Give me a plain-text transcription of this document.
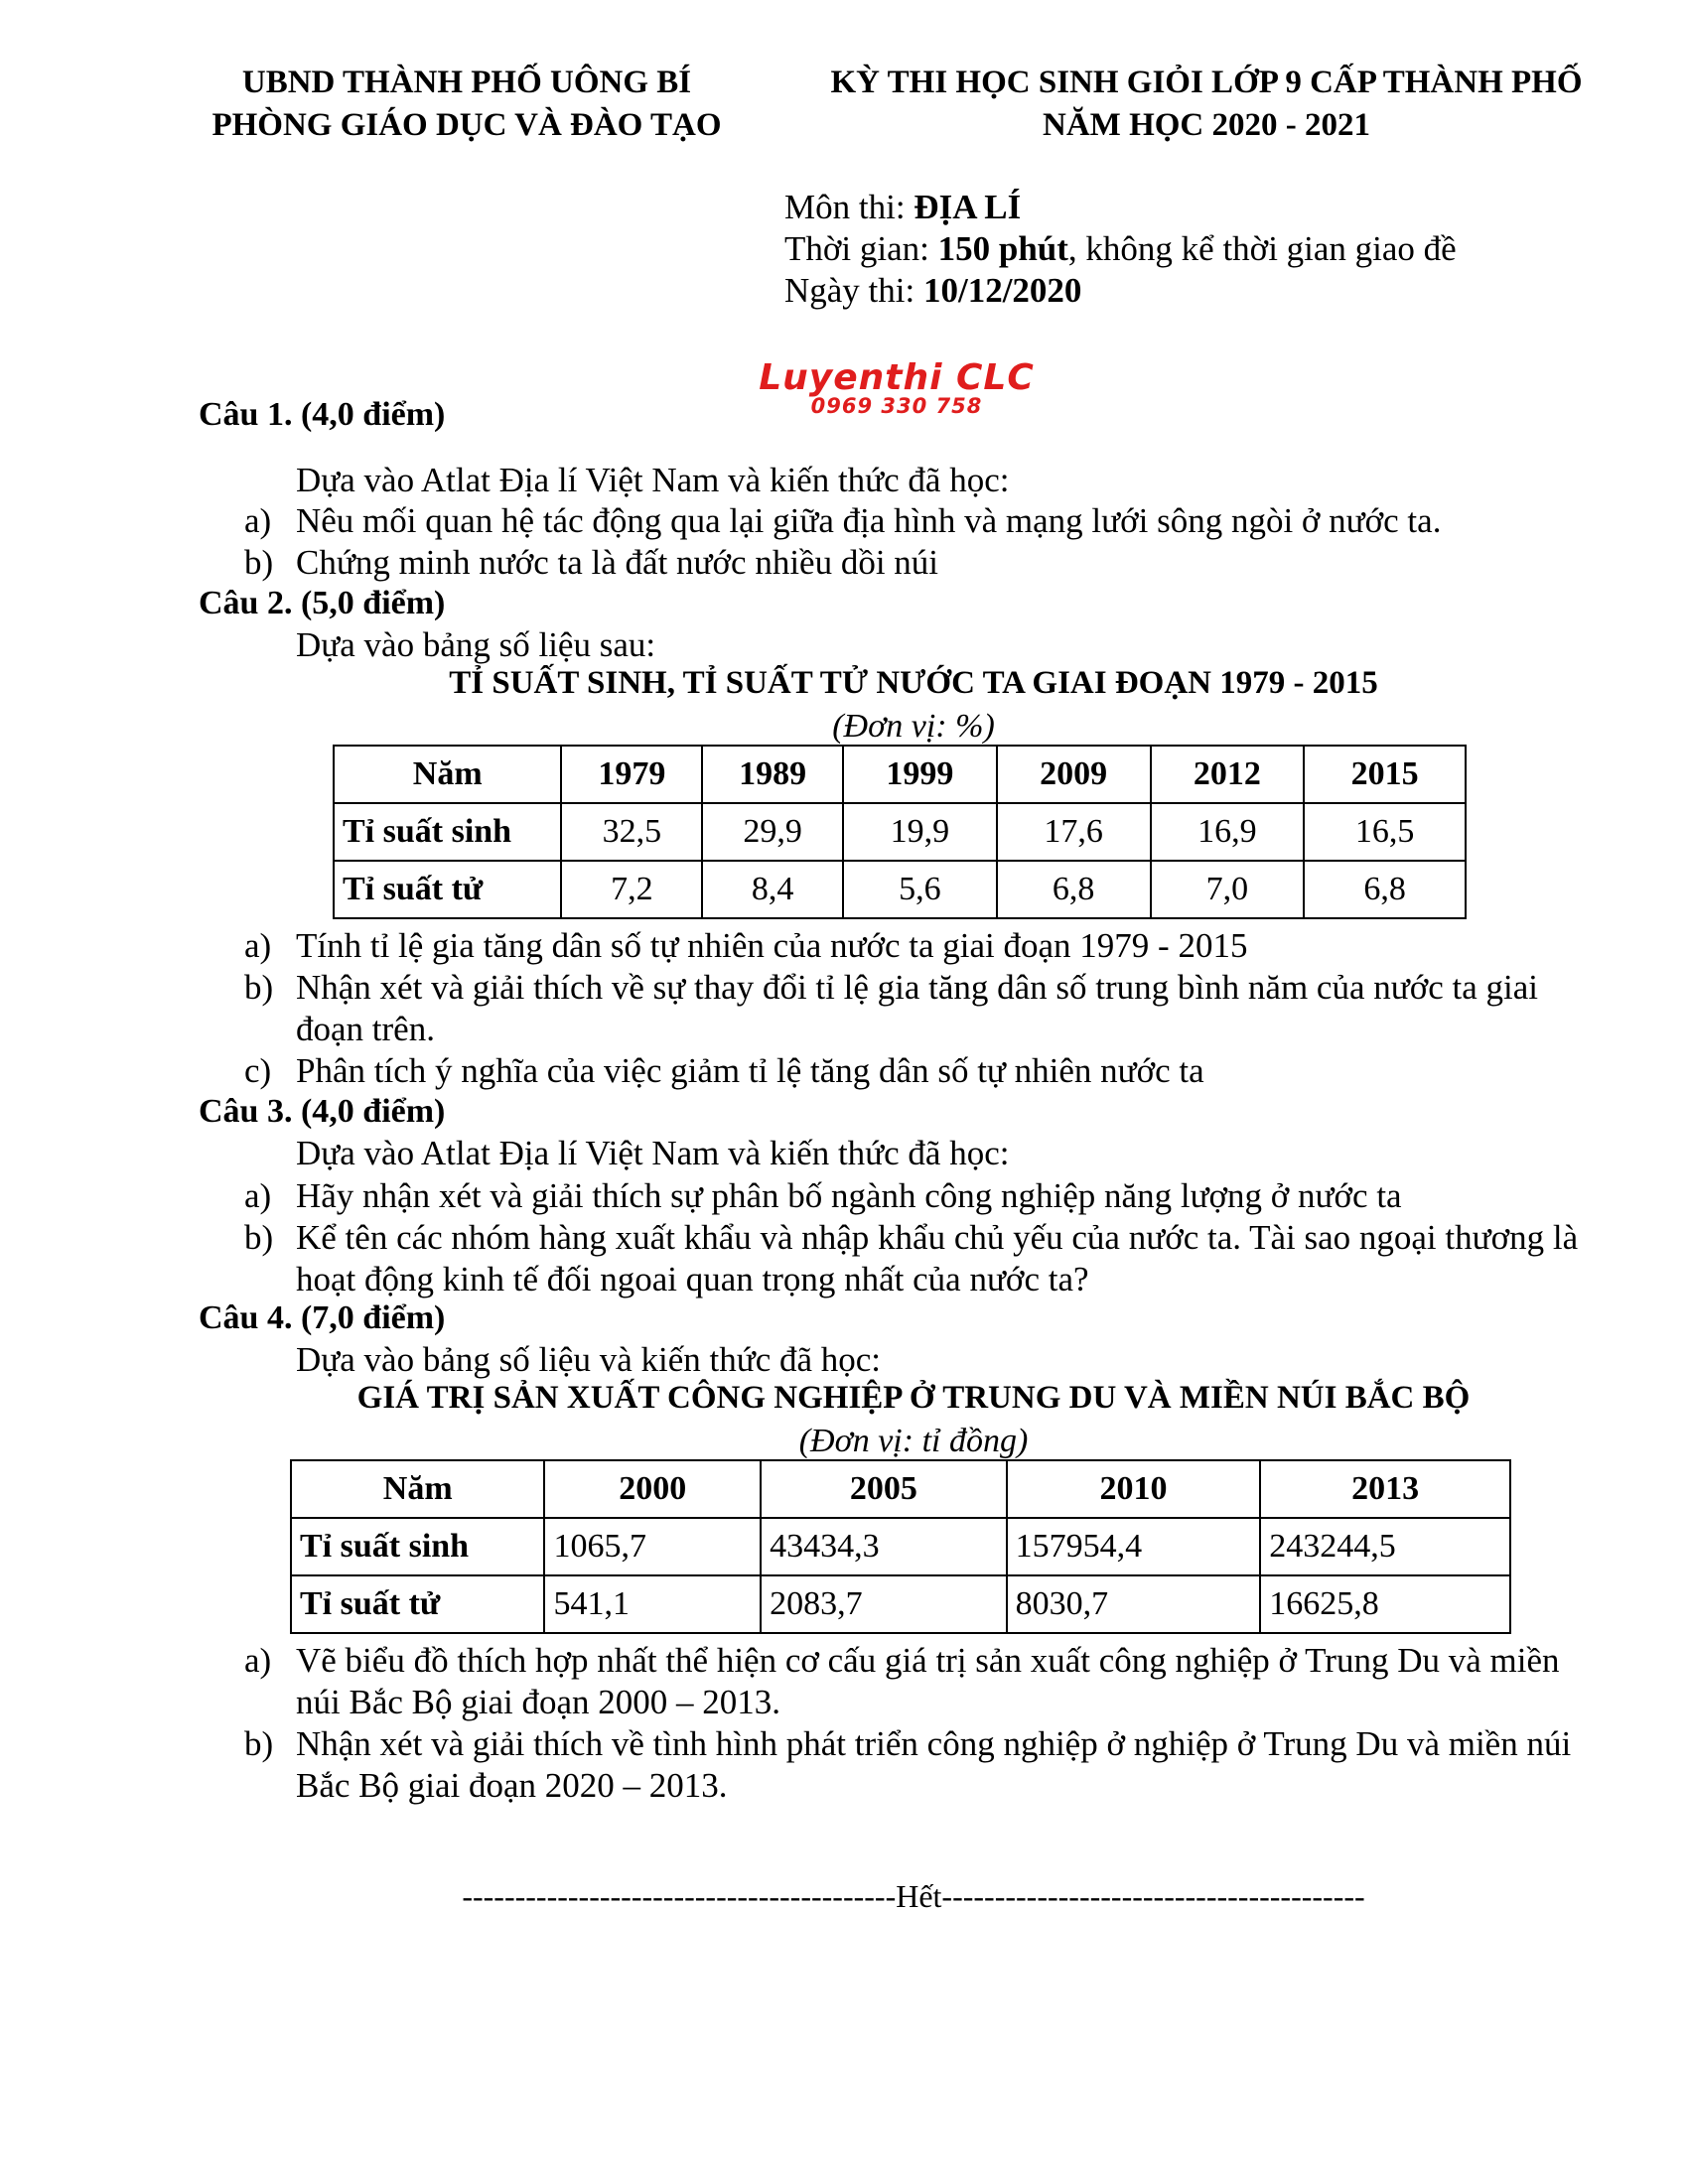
UBND THÀNH PHỐ UÔNG BÍ
PHÒNG GIÁO DỤC VÀ ĐÀO TẠO
KỲ THI HỌC SINH GIỎI LỚP 9 CẤP THÀNH PHỐ
NĂM HỌC 2020 - 2021
Môn thi: ĐỊA LÍ
Thời gian: 150 phút, không kể thời gian giao đề
Ngày thi: 10/12/2020
Luyenthi CLC
0969 330 758
Câu 1. (4,0 điểm)
Dựa vào Atlat Địa lí Việt Nam và kiến thức đã học:
a) Nêu mối quan hệ tác động qua lại giữa địa hình và mạng lưới sông ngòi ở nước ta.
b) Chứng minh nước ta là đất nước nhiều dồi núi
Câu 2. (5,0 điểm)
Dựa vào bảng số liệu sau:
TỈ SUẤT SINH, TỈ SUẤT TỬ NƯỚC TA GIAI ĐOẠN 1979 - 2015
(Đơn vị: %)
Năm	1979	1989	1999	2009	2012	2015
Tỉ suất sinh	32,5	29,9	19,9	17,6	16,9	16,5
Tỉ suất tử	7,2	8,4	5,6	6,8	7,0	6,8
a) Tính tỉ lệ gia tăng dân số tự nhiên của nước ta giai đoạn 1979 - 2015
b) Nhận xét và giải thích về sự thay đổi tỉ lệ gia tăng dân số trung bình năm của nước ta giai
đoạn trên.
c) Phân tích ý nghĩa của việc giảm tỉ lệ tăng dân số tự nhiên nước ta
Câu 3. (4,0 điểm)
Dựa vào Atlat Địa lí Việt Nam và kiến thức đã học:
a) Hãy nhận xét và giải thích sự phân bố ngành công nghiệp năng lượng ở nước ta
b) Kể tên các nhóm hàng xuất khẩu và nhập khẩu chủ yếu của nước ta. Tài sao ngoại thương là
hoạt động kinh tế đối ngoai quan trọng nhất của nước ta?
Câu 4. (7,0 điểm)
Dựa vào bảng số liệu và kiến thức đã học:
GIÁ TRỊ SẢN XUẤT CÔNG NGHIỆP Ở TRUNG DU VÀ MIỀN NÚI BẮC BỘ
(Đơn vị: tỉ đồng)
Năm	2000	2005	2010	2013
Tỉ suất sinh	1065,7	43434,3	157954,4	243244,5
Tỉ suất tử	541,1	2083,7	8030,7	16625,8
a) Vẽ biểu đồ thích hợp nhất thể hiện cơ cấu giá trị sản xuất công nghiệp ở Trung Du và miền
núi Bắc Bộ giai đoạn 2000 – 2013.
b) Nhận xét và giải thích về tình hình phát triển công nghiệp ở nghiệp ở Trung Du và miền núi
Bắc Bộ giai đoạn 2020 – 2013.
-----------------------------------------Hết----------------------------------------
